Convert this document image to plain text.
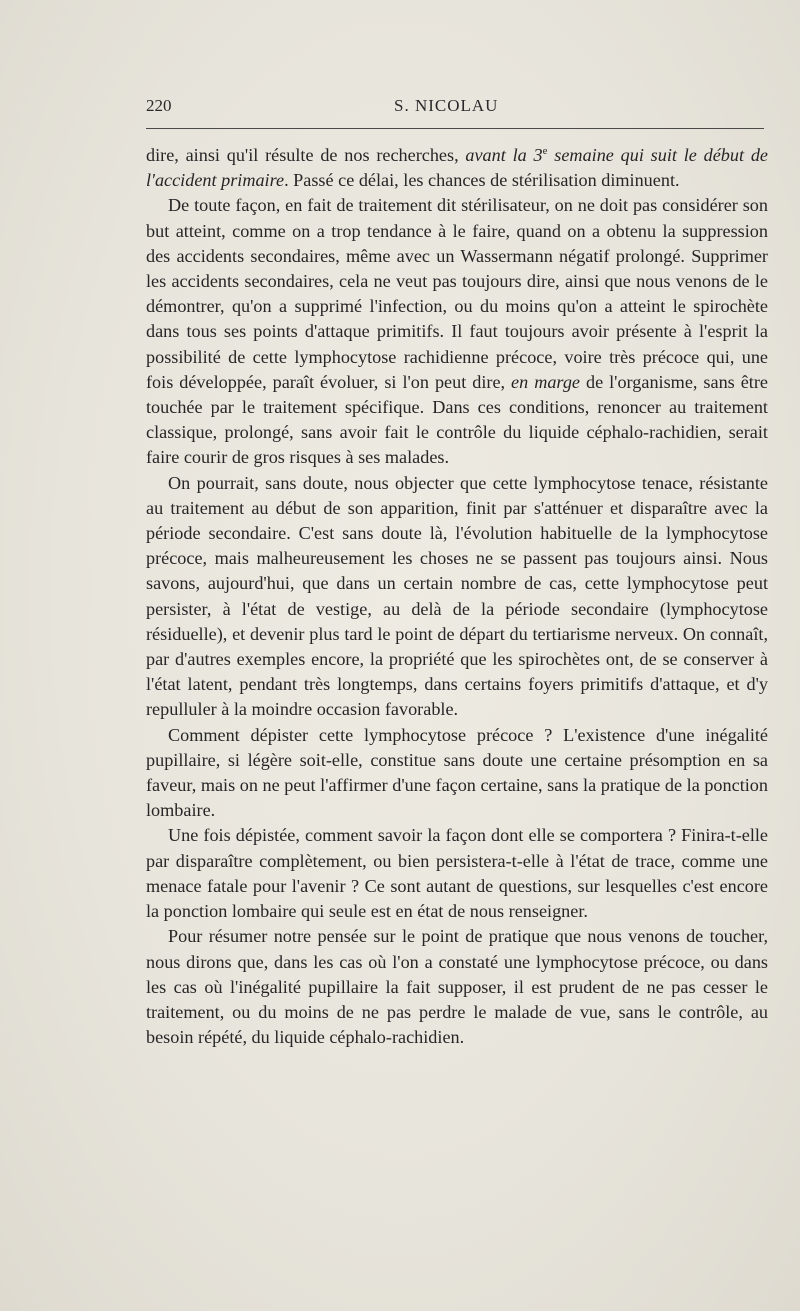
220	S. NICOLAU

dire, ainsi qu'il résulte de nos recherches, avant la 3e semaine qui suit le début de l'accident primaire. Passé ce délai, les chances de stérilisation diminuent.

De toute façon, en fait de traitement dit stérilisateur, on ne doit pas considérer son but atteint, comme on a trop tendance à le faire, quand on a obtenu la suppression des accidents secondaires, même avec un Wassermann négatif prolongé. Supprimer les accidents secondaires, cela ne veut pas toujours dire, ainsi que nous venons de le démontrer, qu'on a supprimé l'infection, ou du moins qu'on a atteint le spirochète dans tous ses points d'attaque primitifs. Il faut toujours avoir présente à l'esprit la possibilité de cette lymphocytose rachidienne précoce, voire très précoce qui, une fois développée, paraît évoluer, si l'on peut dire, en marge de l'organisme, sans être touchée par le traitement spécifique. Dans ces conditions, renoncer au traitement classique, prolongé, sans avoir fait le contrôle du liquide céphalo-rachidien, serait faire courir de gros risques à ses malades.

On pourrait, sans doute, nous objecter que cette lymphocytose tenace, résistante au traitement au début de son apparition, finit par s'atténuer et disparaître avec la période secondaire. C'est sans doute là, l'évolution habituelle de la lymphocytose précoce, mais malheureusement les choses ne se passent pas toujours ainsi. Nous savons, aujourd'hui, que dans un certain nombre de cas, cette lymphocytose peut persister, à l'état de vestige, au delà de la période secondaire (lymphocytose résiduelle), et devenir plus tard le point de départ du tertiarisme nerveux. On connaît, par d'autres exemples encore, la propriété que les spirochètes ont, de se conserver à l'état latent, pendant très longtemps, dans certains foyers primitifs d'attaque, et d'y repulluler à la moindre occasion favorable.

Comment dépister cette lymphocytose précoce ? L'existence d'une inégalité pupillaire, si légère soit-elle, constitue sans doute une certaine présomption en sa faveur, mais on ne peut l'affirmer d'une façon certaine, sans la pratique de la ponction lombaire.

Une fois dépistée, comment savoir la façon dont elle se comportera ? Finira-t-elle par disparaître complètement, ou bien persistera-t-elle à l'état de trace, comme une menace fatale pour l'avenir ? Ce sont autant de questions, sur lesquelles c'est encore la ponction lombaire qui seule est en état de nous renseigner.

Pour résumer notre pensée sur le point de pratique que nous venons de toucher, nous dirons que, dans les cas où l'on a constaté une lymphocytose précoce, ou dans les cas où l'inégalité pupillaire la fait supposer, il est prudent de ne pas cesser le traitement, ou du moins de ne pas perdre le malade de vue, sans le contrôle, au besoin répété, du liquide céphalo-rachidien.
